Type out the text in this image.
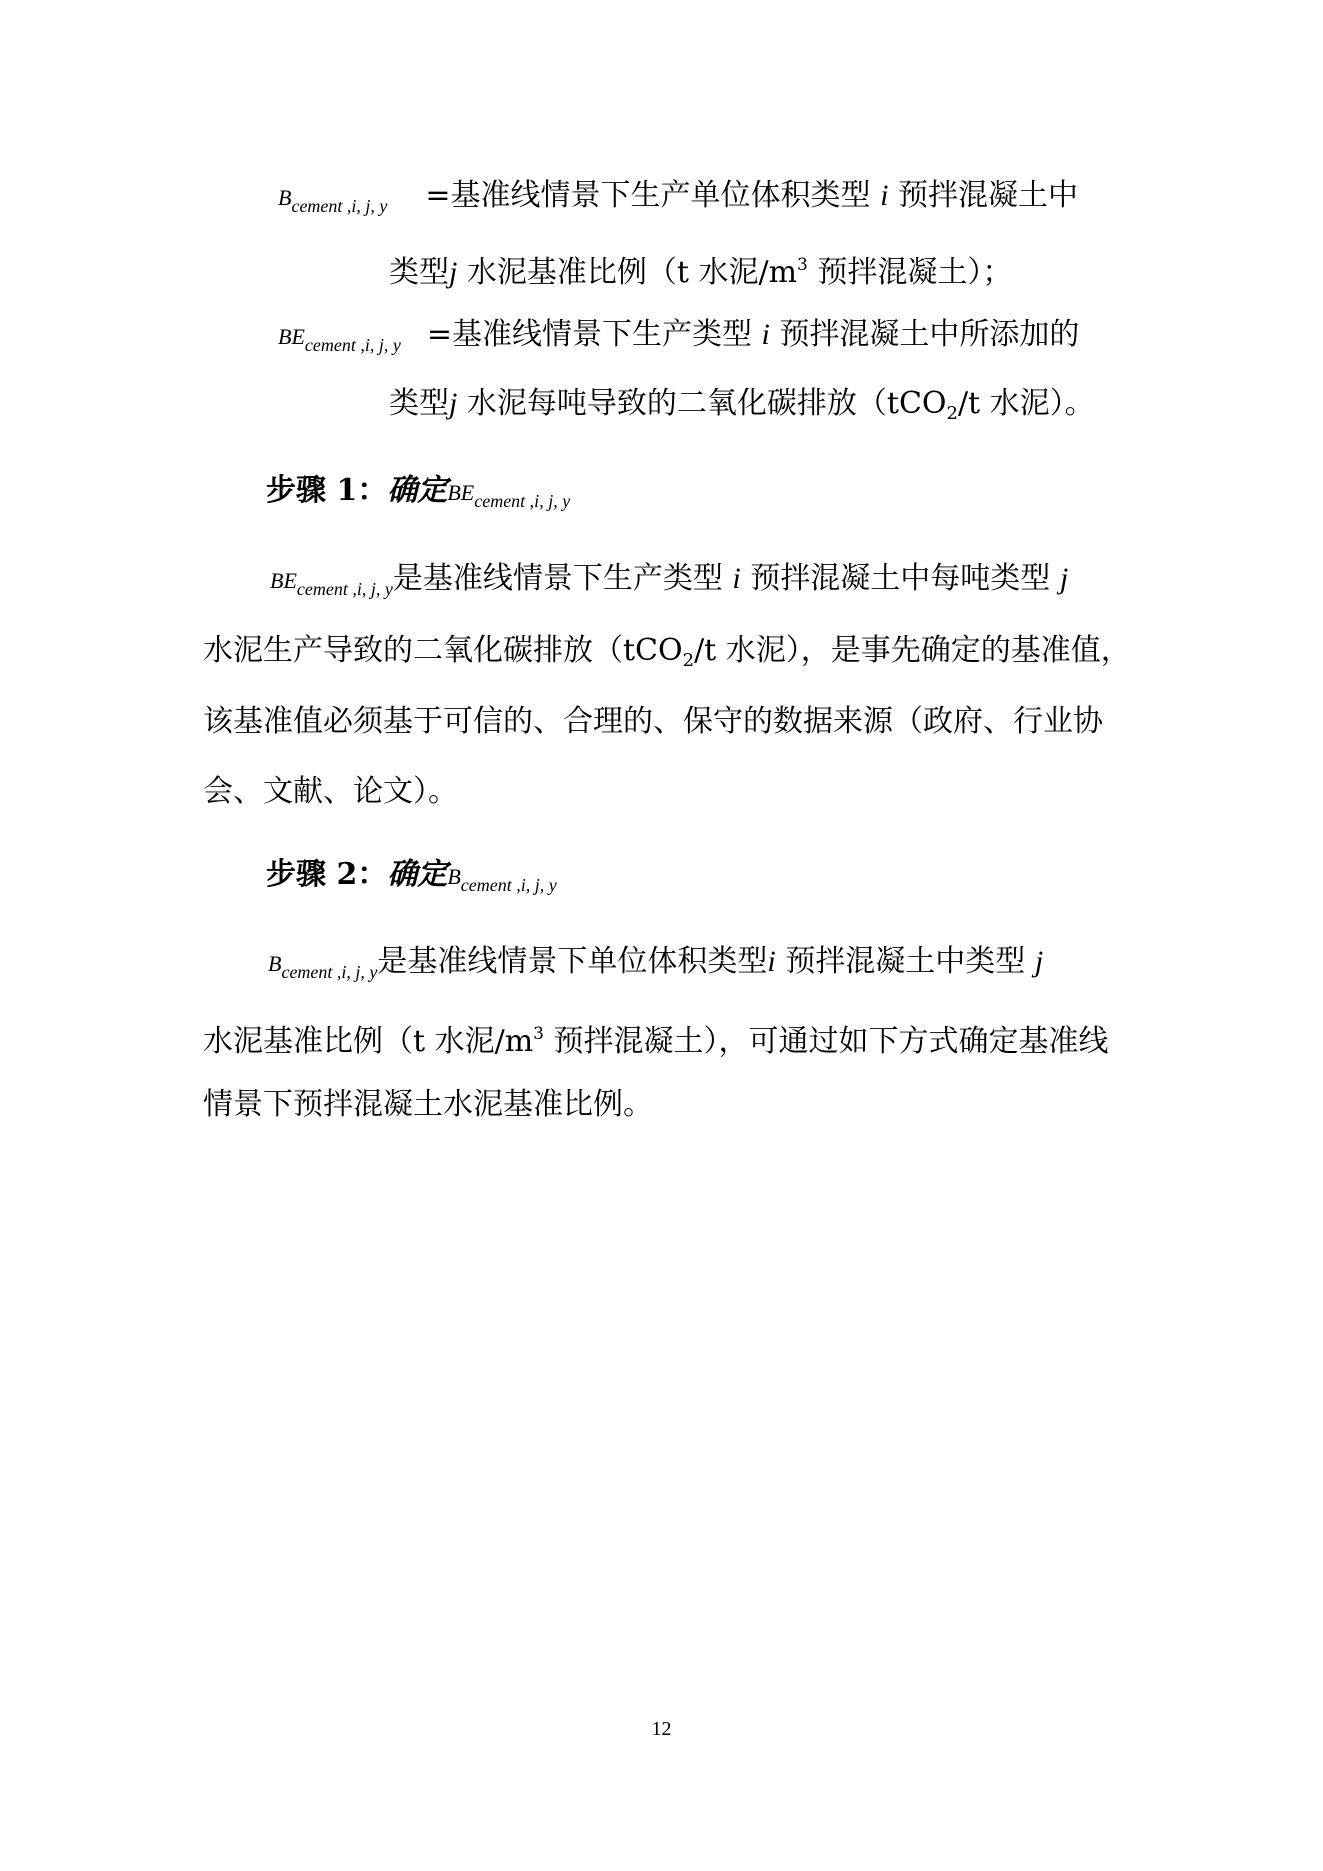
$B_{cement ,i, j, y}$ =基准线情景下生产单位体积类型 i 预拌混凝土中
类型j 水泥基准比例（t 水泥$/m^3$ 预拌混凝土）；
$BE_{cement ,i, j, y}$ =基准线情景下生产类型 i 预拌混凝土中所添加的
类型j 水泥每吨导致的二氧化碳排放（tCO$_2$/t 水泥）。
步骤 1：确定$BE_{cement ,i, j, y}$
$BE_{cement ,i, j, y}$是基准线情景下生产类型 i 预拌混凝土中每吨类型 j
水泥生产导致的二氧化碳排放（tCO$_2$/t 水泥），是事先确定的基准值，
该基准值必须基于可信的、合理的、保守的数据来源（政府、行业协
会、文献、论文）。
步骤 2：确定$B_{cement ,i, j, y}$
$B_{cement ,i, j, y}$是基准线情景下单位体积类型i 预拌混凝土中类型 j
水泥基准比例（t 水泥$/m^3$ 预拌混凝土），可通过如下方式确定基准线
情景下预拌混凝土水泥基准比例。
12
